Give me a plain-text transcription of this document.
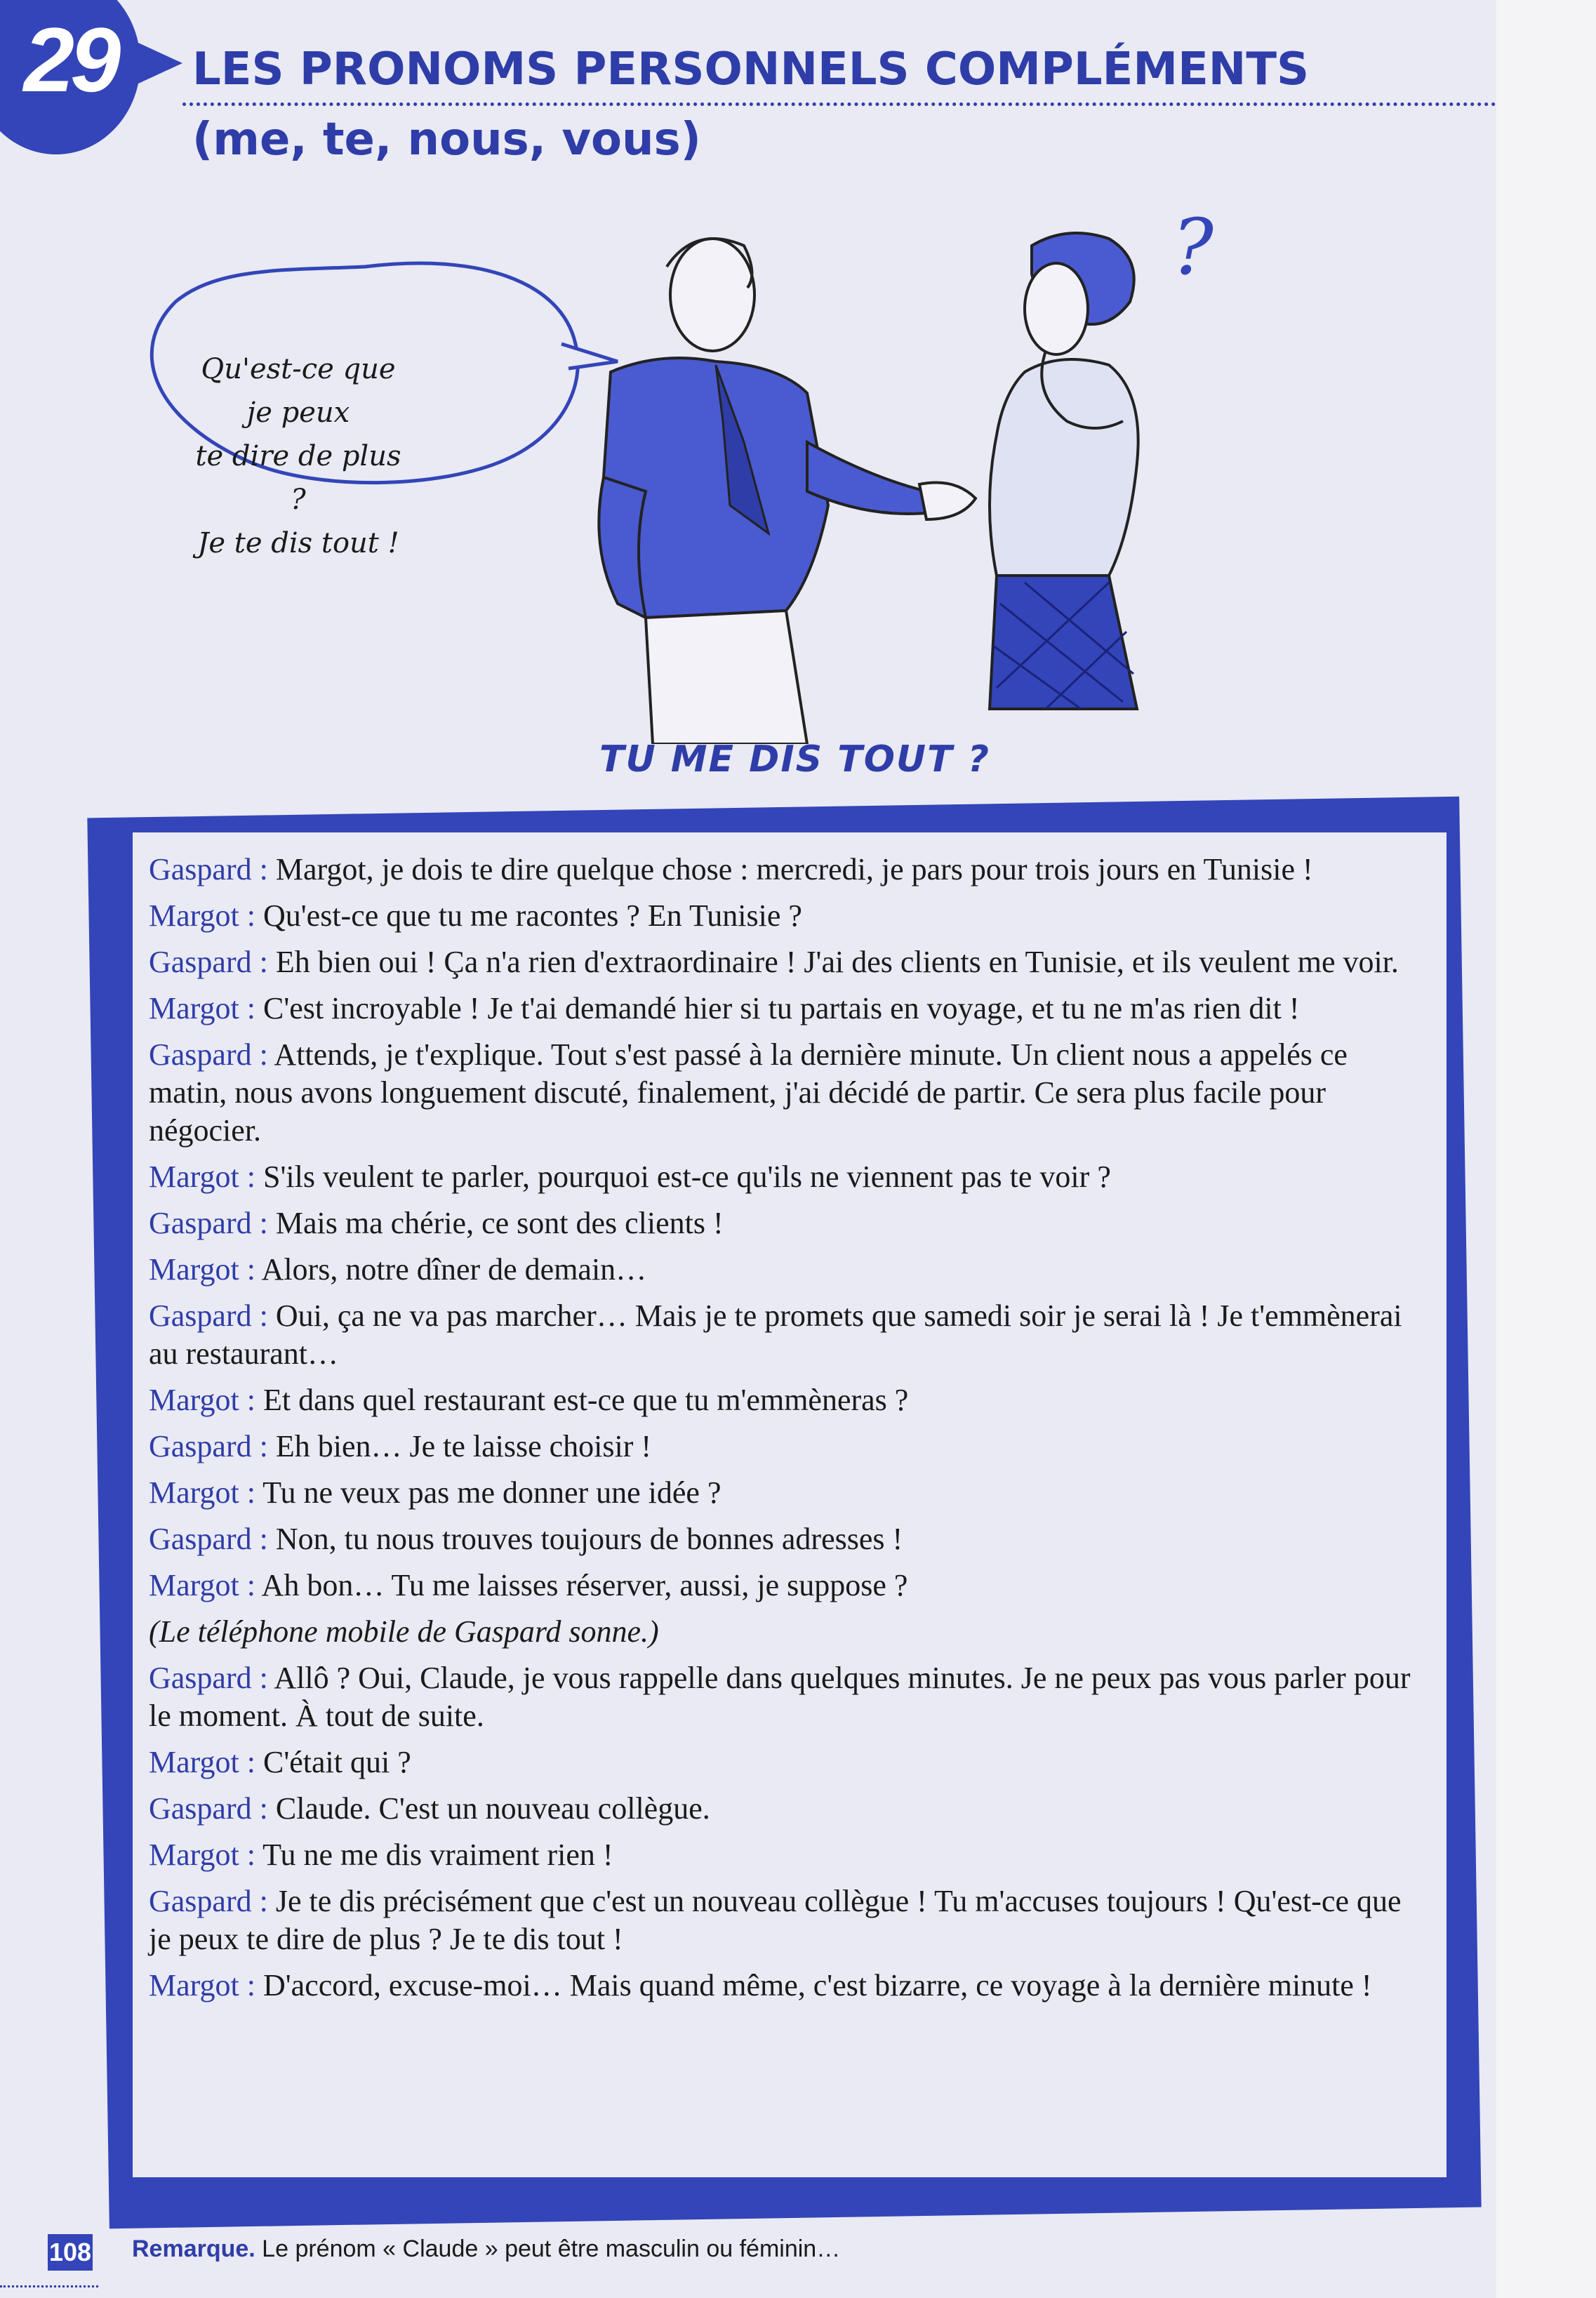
29	LES PRONOMS PERSONNELS COMPLÉMENTS
(me, te, nous, vous)
?
Qu'est-ce que je peux
te dire de plus ?
Je te dis tout !
TU ME DIS TOUT ?

Gaspard : Margot, je dois te dire quelque chose : mercredi, je pars pour trois jours en Tunisie !

Margot : Qu'est-ce que tu me racontes ? En Tunisie ?

Gaspard : Eh bien oui ! Ça n'a rien d'extraordinaire ! J'ai des clients en Tunisie, et ils veulent me voir.

Margot : C'est incroyable ! Je t'ai demandé hier si tu partais en voyage, et tu ne m'as rien dit !

Gaspard : Attends, je t'explique. Tout s'est passé à la dernière minute. Un client nous a appelés ce matin, nous avons longuement discuté, finalement, j'ai décidé de partir. Ce sera plus facile pour négocier.

Margot : S'ils veulent te parler, pourquoi est-ce qu'ils ne viennent pas te voir ?

Gaspard : Mais ma chérie, ce sont des clients !

Margot : Alors, notre dîner de demain…

Gaspard : Oui, ça ne va pas marcher… Mais je te promets que samedi soir je serai là ! Je t'emmènerai au restaurant…

Margot : Et dans quel restaurant est-ce que tu m'emmèneras ?

Gaspard : Eh bien… Je te laisse choisir !

Margot : Tu ne veux pas me donner une idée ?

Gaspard : Non, tu nous trouves toujours de bonnes adresses !

Margot : Ah bon… Tu me laisses réserver, aussi, je suppose ?

(Le téléphone mobile de Gaspard sonne.)

Gaspard : Allô ? Oui, Claude, je vous rappelle dans quelques minutes. Je ne peux pas vous parler pour le moment. À tout de suite.

Margot : C'était qui ?

Gaspard : Claude. C'est un nouveau collègue.

Margot : Tu ne me dis vraiment rien !

Gaspard : Je te dis précisément que c'est un nouveau collègue ! Tu m'accuses toujours ! Qu'est-ce que je peux te dire de plus ? Je te dis tout !

Margot : D'accord, excuse-moi… Mais quand même, c'est bizarre, ce voyage à la dernière minute !

108 Remarque. Le prénom « Claude » peut être masculin ou féminin…
